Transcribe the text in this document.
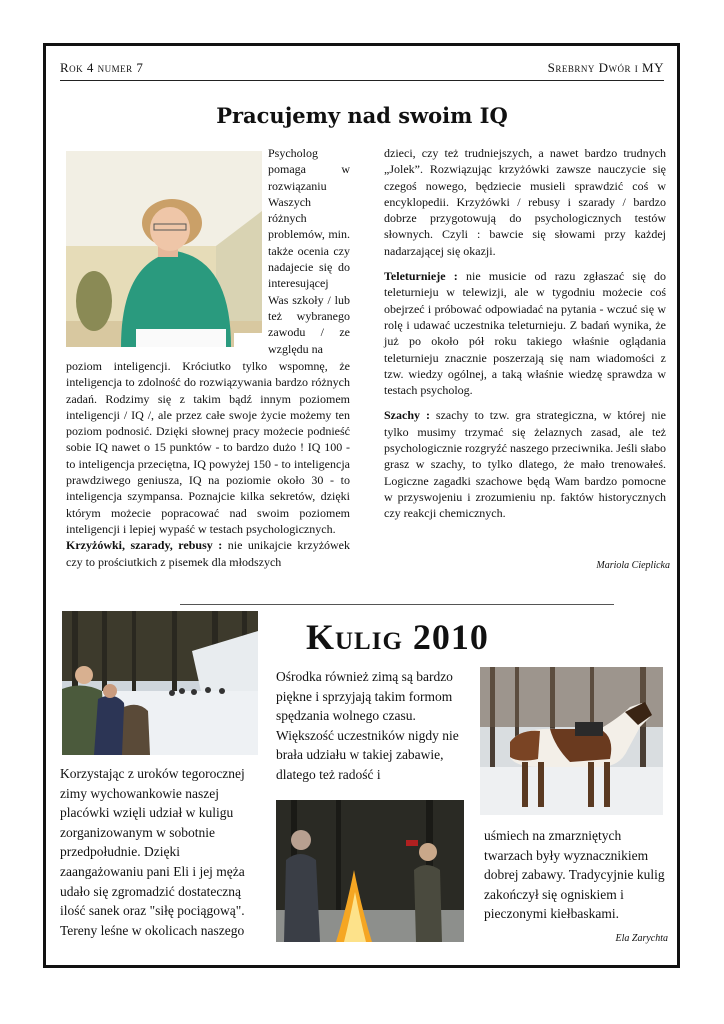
Rok 4 numer 7	Srebrny Dwór i MY
Pracujemy nad swoim IQ
Psycholog pomaga w rozwiązaniu Waszych różnych problemów, min. także ocenia czy nadajecie się do interesującej Was szkoły / lub też wybranego zawodu / ze względu na

poziom inteligencji. Króciutko tylko wspomnę, że inteligencja to zdolność do rozwiązywania bardzo różnych zadań. Rodzimy się z takim bądź innym poziomem inteligencji / IQ /, ale przez całe swoje życie możemy ten poziom podnosić. Dzięki słownej pracy możecie podnieść sobie IQ nawet o 15 punktów - to bardzo dużo ! IQ 100 - to inteligencja przeciętna, IQ powyżej 150 - to inteligencja prawdziwego geniusza, IQ na poziomie około 30 - to inteligencja szympansa. Poznajcie kilka sekretów, dzięki którym możecie popracować nad swoim poziomem inteligencji i lepiej wypaść w testach psychologicznych.

Krzyżówki, szarady, rebusy : nie unikajcie krzyżówek czy to prościutkich z pisemek dla młodszych

dzieci, czy też trudniejszych, a nawet bardzo trudnych „Jolek”. Rozwiązując krzyżówki zawsze nauczycie się czegoś nowego, będziecie musieli sprawdzić coś w encyklopedii. Krzyżówki / rebusy i szarady / bardzo dobrze przygotowują do psychologicznych testów słownych. Czyli : bawcie się słowami przy każdej nadarzającej się okazji.

Teleturnieje : nie musicie od razu zgłaszać się do teleturnieju w telewizji, ale w tygodniu możecie coś obejrzeć i próbować odpowiadać na pytania - wczuć się w rolę i udawać uczestnika teleturnieju. Z badań wynika, że już po około pół roku takiego właśnie oglądania teleturnieju znacznie poszerzają się nam wiadomości z tzw. wiedzy ogólnej, a taką właśnie wiedzę sprawdza w testach psycholog.

Szachy : szachy to tzw. gra strategiczna, w której nie tylko musimy trzymać się żelaznych zasad, ale też psychologicznie rozgryźć naszego przeciwnika. Jeśli słabo grasz w szachy, to tylko dlatego, że mało trenowałeś. Logiczne zagadki szachowe będą Wam bardzo pomocne w przyswojeniu i zrozumieniu np. faktów historycznych czy reakcji chemicznych.

Mariola Cieplicka
Kulig 2010
Korzystając z uroków tegorocznej zimy wychowankowie naszej placówki wzięli udział w kuligu zorganizowanym w sobotnie przedpołudnie. Dzięki zaangażowaniu pani Eli i jej męża udało się zgromadzić dostateczną ilość sanek oraz "siłę pociągową". Tereny leśne w okolicach naszego
Ośrodka również zimą są bardzo piękne i sprzyjają takim formom spędzania wolnego czasu. Większość uczestników nigdy nie brała udziału w takiej zabawie, dlatego też radość i
uśmiech na zmarzniętych twarzach były wyznacznikiem dobrej zabawy. Tradycyjnie kulig zakończył się ogniskiem i pieczonymi kiełbaskami.
Ela Zarychta
